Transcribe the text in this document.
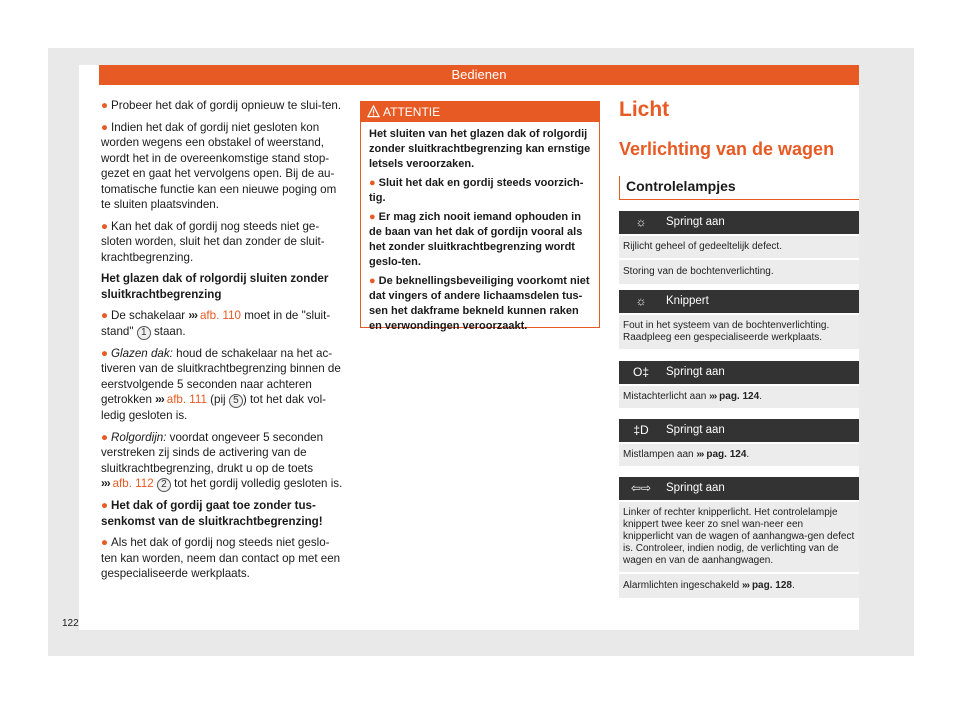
Bedienen

● Probeer het dak of gordij opnieuw te slui-ten.

● Indien het dak of gordij niet gesloten kon worden wegens een obstakel of weerstand, wordt het in de overeenkomstige stand stop-gezet en gaat het vervolgens open. Bij de au-tomatische functie kan een nieuwe poging om te sluiten plaatsvinden.

● Kan het dak of gordij nog steeds niet ge-sloten worden, sluit het dan zonder de sluit-krachtbegrenzing.

Het glazen dak of rolgordij sluiten zonder sluitkrachtbegrenzing

● De schakelaar ››› afb. 110 moet in de "sluit-stand" 1 staan.

● Glazen dak: houd de schakelaar na het ac-tiveren van de sluitkrachtbegrenzing binnen de eerstvolgende 5 seconden naar achteren getrokken ››› afb. 111 (pij 5 ) tot het dak vol-ledig gesloten is.

● Rolgordijn: voordat ongeveer 5 seconden verstreken zij sinds de activering van de sluitkrachtbegrenzing, drukt u op de toets ››› afb. 112 2 tot het gordij volledig gesloten is.

● Het dak of gordij gaat toe zonder tus-senkomst van de sluitkrachtbegrenzing!

● Als het dak of gordij nog steeds niet geslo-ten kan worden, neem dan contact op met een gespecialiseerde werkplaats.

ATTENTIE

Het sluiten van het glazen dak of rolgordij zonder sluitkrachtbegrenzing kan ernstige letsels veroorzaken.

● Sluit het dak en gordij steeds voorzich-tig.

● Er mag zich nooit iemand ophouden in de baan van het dak of gordijn vooral als het zonder sluitkrachtbegrenzing wordt geslo-ten.

● De beknellingsbeveiliging voorkomt niet dat vingers of andere lichaamsdelen tus-sen het dakframe bekneld kunnen raken en verwondingen veroorzaakt.

Licht
Verlichting van de wagen
Controlelampjes
☼	Springt aan
Rijlicht geheel of gedeeltelijk defect.
Storing van de bochtenverlichting.
☼	Knippert
Fout in het systeem van de bochtenverlichting. Raadpleeg een gespecialiseerde werkplaats.
O‡ Springt aan
Mistachterlicht aan ››› pag. 124.
‡D Springt aan
Mistlampen aan ››› pag. 124.
⇦⇨ Springt aan
Linker of rechter knipperlicht. Het controlelampje knippert twee keer zo snel wan-neer een knipperlicht van de wagen of aanhangwa-gen defect is. Controleer, indien nodig, de verlichting van de wagen en van de aanhangwagen.
Alarmlichten ingeschakeld ››› pag. 128.
122
